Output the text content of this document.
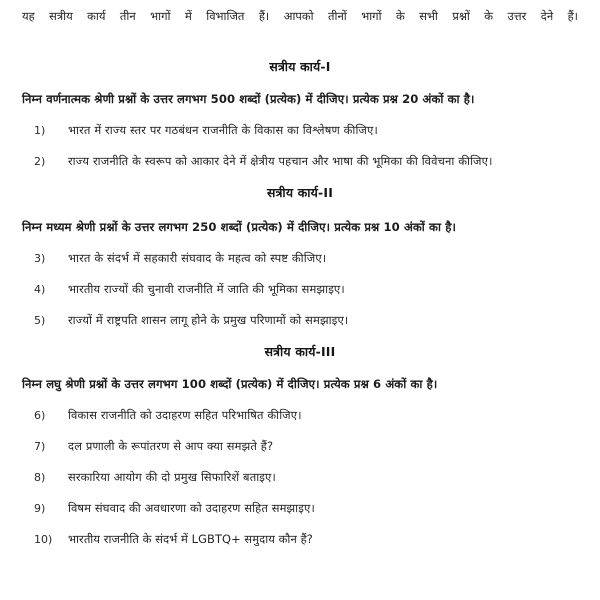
यह सत्रीय कार्य तीन भागों में विभाजित हैं। आपको तीनों भागों के सभी प्रश्नों के उत्तर देने हैं।

सत्रीय कार्य-I

निम्न वर्णनात्मक श्रेणी प्रश्नों के उत्तर लगभग 500 शब्दों (प्रत्येक) में दीजिए। प्रत्येक प्रश्न 20 अंकों का है।

1)	भारत में राज्य स्तर पर गठबंधन राजनीति के विकास का विश्लेषण कीजिए।
2)	राज्य राजनीति के स्वरूप को आकार देने में क्षेत्रीय पहचान और भाषा की भूमिका की विवेचना कीजिए।
सत्रीय कार्य-II

निम्न मध्यम श्रेणी प्रश्नों के उत्तर लगभग 250 शब्दों (प्रत्येक) में दीजिए। प्रत्येक प्रश्न 10 अंकों का है।

3)	भारत के संदर्भ में सहकारी संघवाद के महत्व को स्पष्ट कीजिए।
4)	भारतीय राज्यों की चुनावी राजनीति में जाति की भूमिका समझाइए।
5)	राज्यों में राष्ट्रपति शासन लागू होने के प्रमुख परिणामों को समझाइए।
सत्रीय कार्य-III

निम्न लघु श्रेणी प्रश्नों के उत्तर लगभग 100 शब्दों (प्रत्येक) में दीजिए। प्रत्येक प्रश्न 6 अंकों का है।

6)	विकास राजनीति को उदाहरण सहित परिभाषित कीजिए।
7)	दल प्रणाली के रूपांतरण से आप क्या समझते हैं?
8)	सरकारिया आयोग की दो प्रमुख सिफारिशें बताइए।
9)	विषम संघवाद की अवधारणा को उदाहरण सहित समझाइए।
10)	भारतीय राजनीति के संदर्भ में LGBTQ+ समुदाय कौन हैं?
